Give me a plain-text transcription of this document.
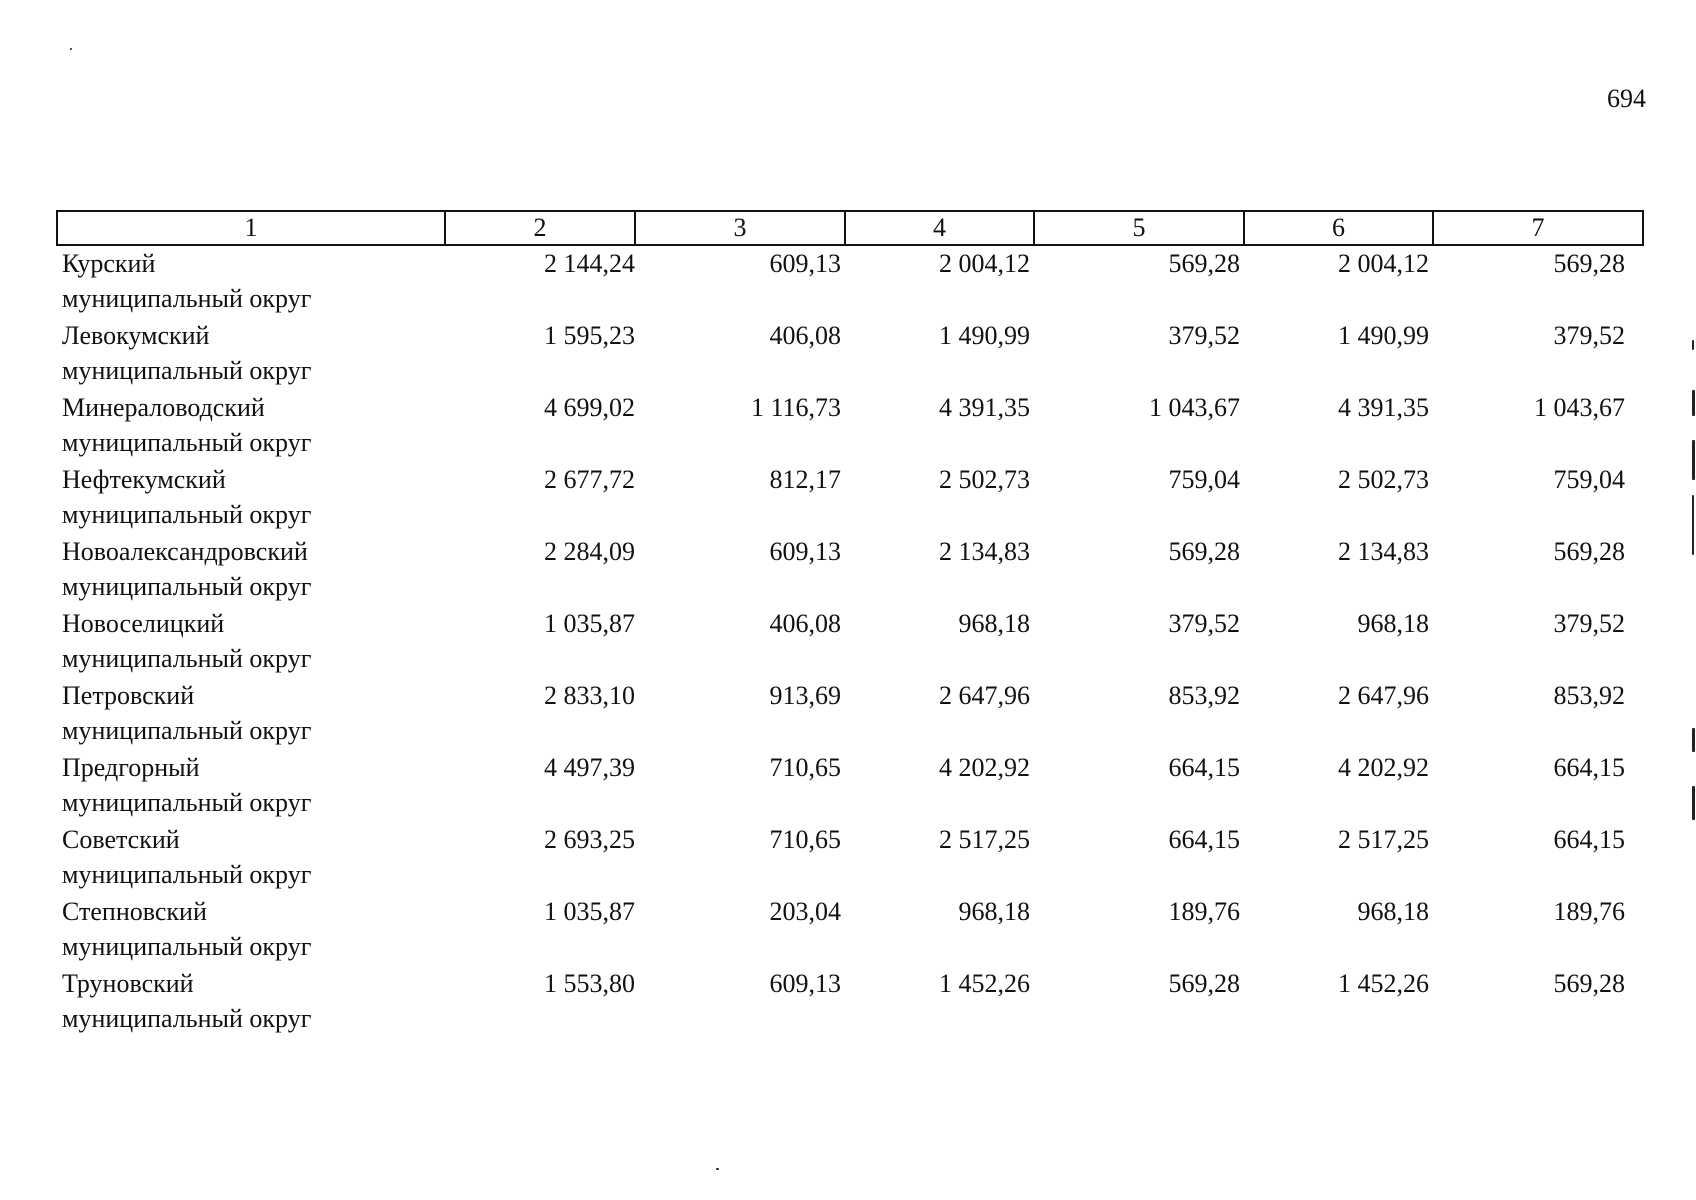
694
1	2	3	4	5	6	7

Курский
муниципальный округ	2 144,24	609,13	2 004,12	569,28	2 004,12	569,28

Левокумский
муниципальный округ	1 595,23	406,08	1 490,99	379,52	1 490,99	379,52

Минераловодский
муниципальный округ	4 699,02	1 116,73	4 391,35	1 043,67	4 391,35	1 043,67

Нефтекумский
муниципальный округ	2 677,72	812,17	2 502,73	759,04	2 502,73	759,04

Новоалександровский
муниципальный округ	2 284,09	609,13	2 134,83	569,28	2 134,83	569,28

Новоселицкий
муниципальный округ	1 035,87	406,08	968,18	379,52	968,18	379,52

Петровский
муниципальный округ	2 833,10	913,69	2 647,96	853,92	2 647,96	853,92

Предгорный
муниципальный округ	4 497,39	710,65	4 202,92	664,15	4 202,92	664,15

Советский
муниципальный округ	2 693,25	710,65	2 517,25	664,15	2 517,25	664,15

Степновский
муниципальный округ	1 035,87	203,04	968,18	189,76	968,18	189,76

Труновский
муниципальный округ	1 553,80	609,13	1 452,26	569,28	1 452,26	569,28
